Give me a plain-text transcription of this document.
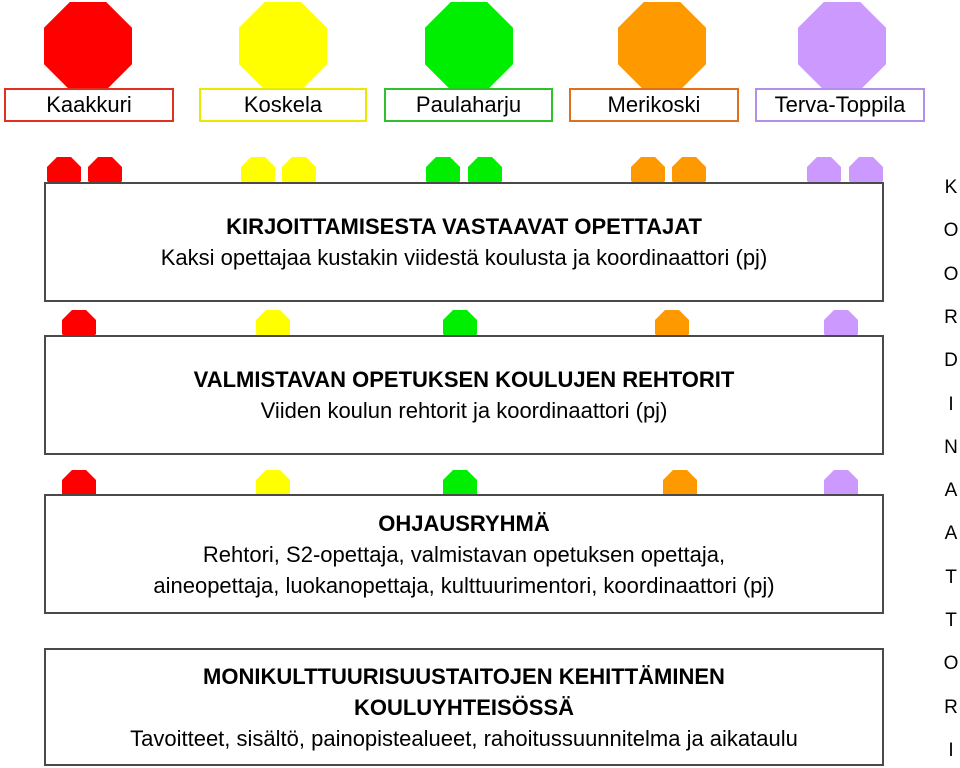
Kaakkuri	Koskela	Paulaharju	Merikoski	Terva-Toppila
KIRJOITTAMISESTA VASTAAVAT OPETTAJAT
Kaksi opettajaa kustakin viidestä koulusta ja koordinaattori (pj)
VALMISTAVAN OPETUKSEN KOULUJEN REHTORIT
Viiden koulun rehtorit ja koordinaattori (pj)
OHJAUSRYHMÄ
Rehtori, S2-opettaja, valmistavan opetuksen opettaja,
aineopettaja, luokanopettaja, kulttuurimentori, koordinaattori (pj)
MONIKULTTUURISUUSTAITOJEN KEHITTÄMINEN
KOULUYHTEISÖSSÄ
Tavoitteet, sisältö, painopistealueet, rahoitussuunnitelma ja aikataulu
K
O
O
R
D
I
N
A
A
T
T
O
R
I
